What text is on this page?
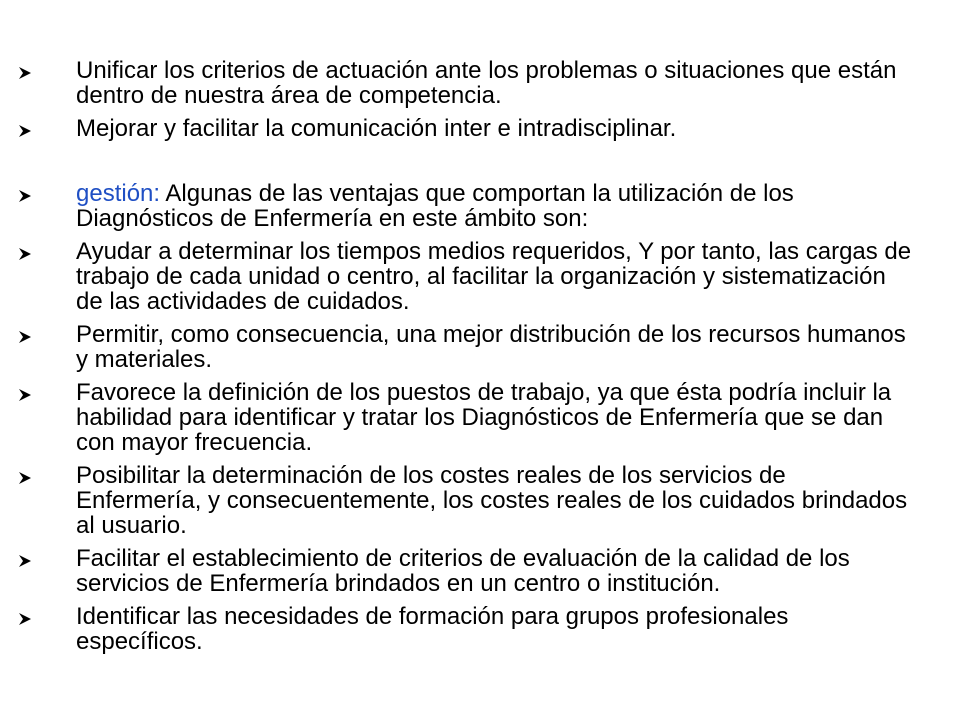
Unificar los criterios de actuación ante los problemas o situaciones que están dentro de nuestra área de competencia.
Mejorar y facilitar la comunicación inter e intradisciplinar.
gestión: Algunas de las ventajas que comportan la utilización de los Diagnósticos de Enfermería en este ámbito son:
Ayudar a determinar los tiempos medios requeridos, Y por tanto, las cargas de trabajo de cada unidad o centro, al facilitar la organización y sistematización de las actividades de cuidados.
Permitir, como consecuencia, una mejor distribución de los recursos humanos y materiales.
Favorece la definición de los puestos de trabajo, ya que ésta podría incluir la habilidad para identificar y tratar los Diagnósticos de Enfermería que se dan con mayor frecuencia.
Posibilitar la determinación de los costes reales de los servicios de Enfermería, y consecuentemente, los costes reales de los cuidados brindados al usuario.
Facilitar el establecimiento de criterios de evaluación de la calidad de los servicios de Enfermería brindados en un centro o institución.
Identificar las necesidades de formación para grupos profesionales específicos.
